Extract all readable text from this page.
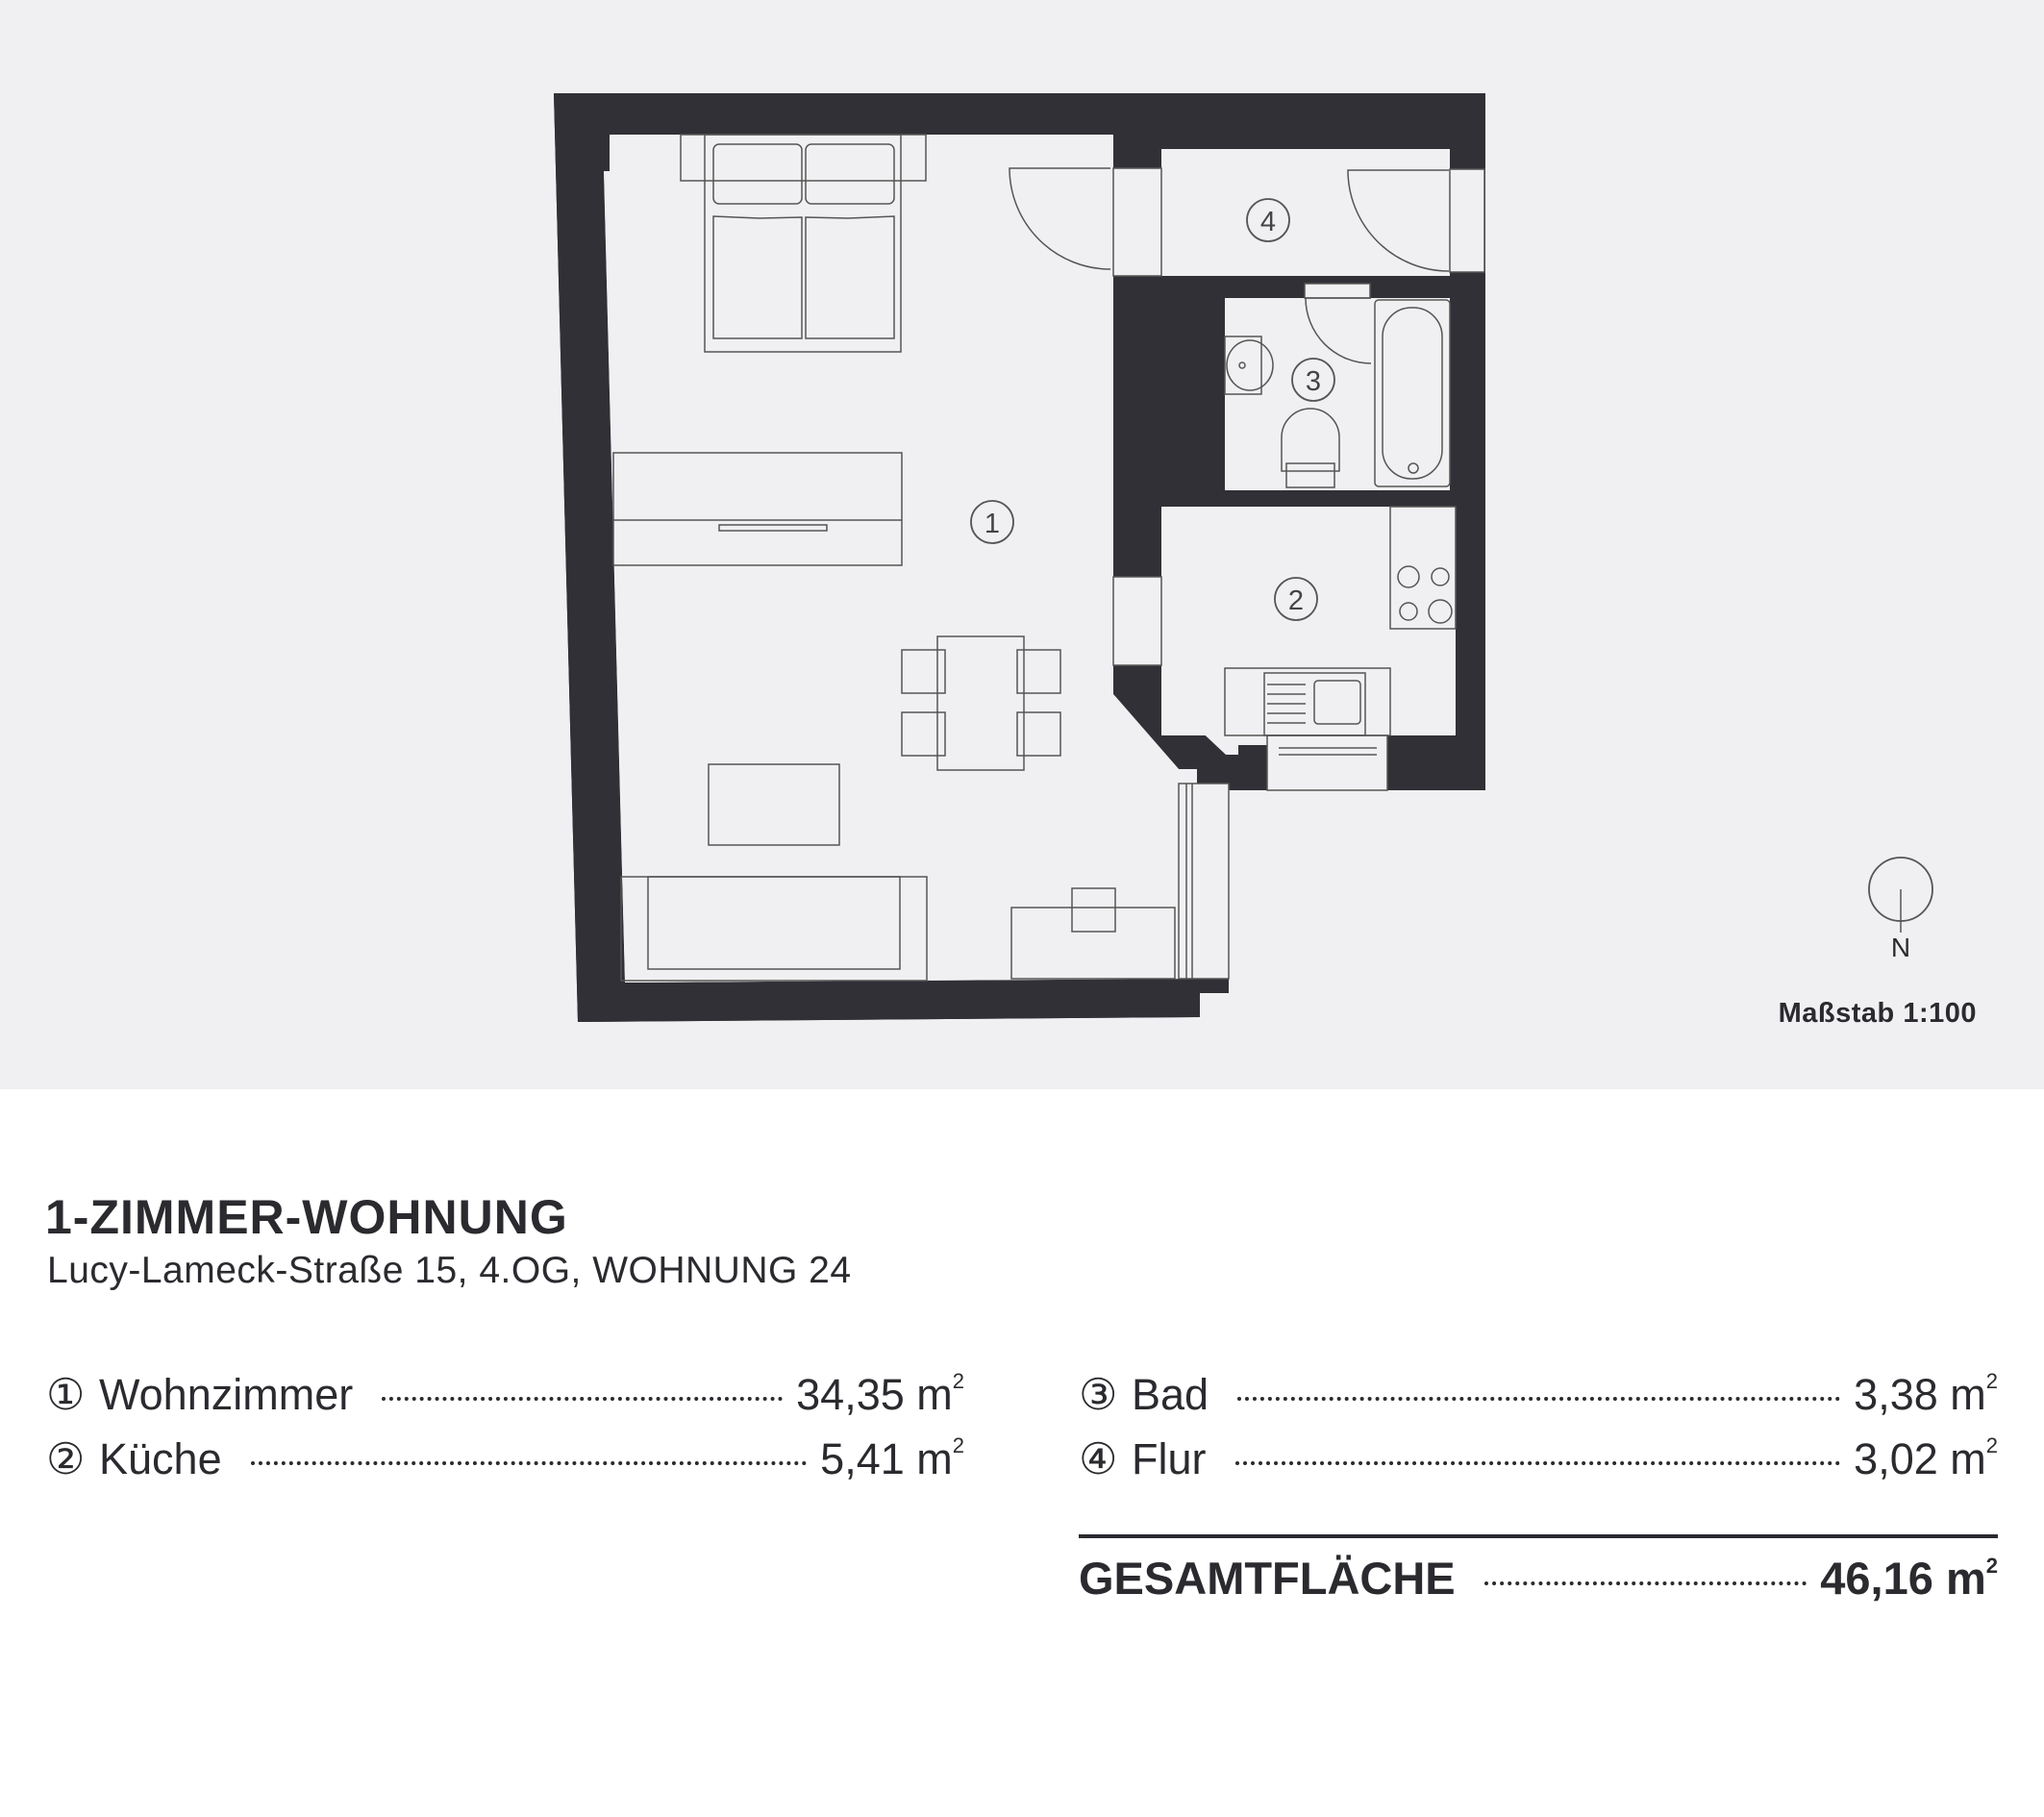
1
2
3
4
N
Maßstab 1:100
1-ZIMMER-WOHNUNG
Lucy-Lameck-Straße 15, 4.OG, WOHNUNG 24
① Wohnzimmer	34,35 $m^2$
② Küche	5,41 $m^2$
③ Bad	3,38 $m^2$
④ Flur	3,02 $m^2$
GESAMTFLÄCHE	46,16 $m^2$
